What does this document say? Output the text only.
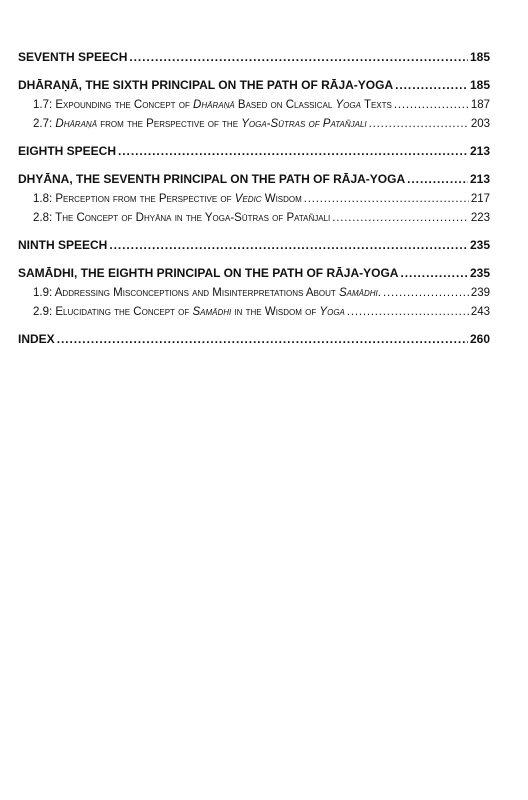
SEVENTH SPEECH . . .	185
DHĀRAṆĀ, THE SIXTH PRINCIPAL ON THE PATH OF RĀJA-YOGA . . .	185
1.7: Expounding the Concept of Dhāraṇā Based on Classical Yoga Texts . . .	187
2.7: Dhāraṇā from the Perspective of the Yoga-Sūtras of Patañjali . . .	203
EIGHTH SPEECH . . .	213
DHYĀNA, THE SEVENTH PRINCIPAL ON THE PATH OF RĀJA-YOGA . . .	213
1.8: Perception from the Perspective of Vedic Wisdom . . .	217
2.8: The Concept of Dhyāna in the Yoga-Sūtras of Patañjali . . .	223
NINTH SPEECH . . .	235
SAMĀDHI, THE EIGHTH PRINCIPAL ON THE PATH OF RĀJA-YOGA . . .	235
1.9: Addressing Misconceptions and Misinterpretations About Samādhi. . . .	239
2.9: Elucidating the Concept of Samādhi in the Wisdom of Yoga . . .	243
INDEX . . .	260
